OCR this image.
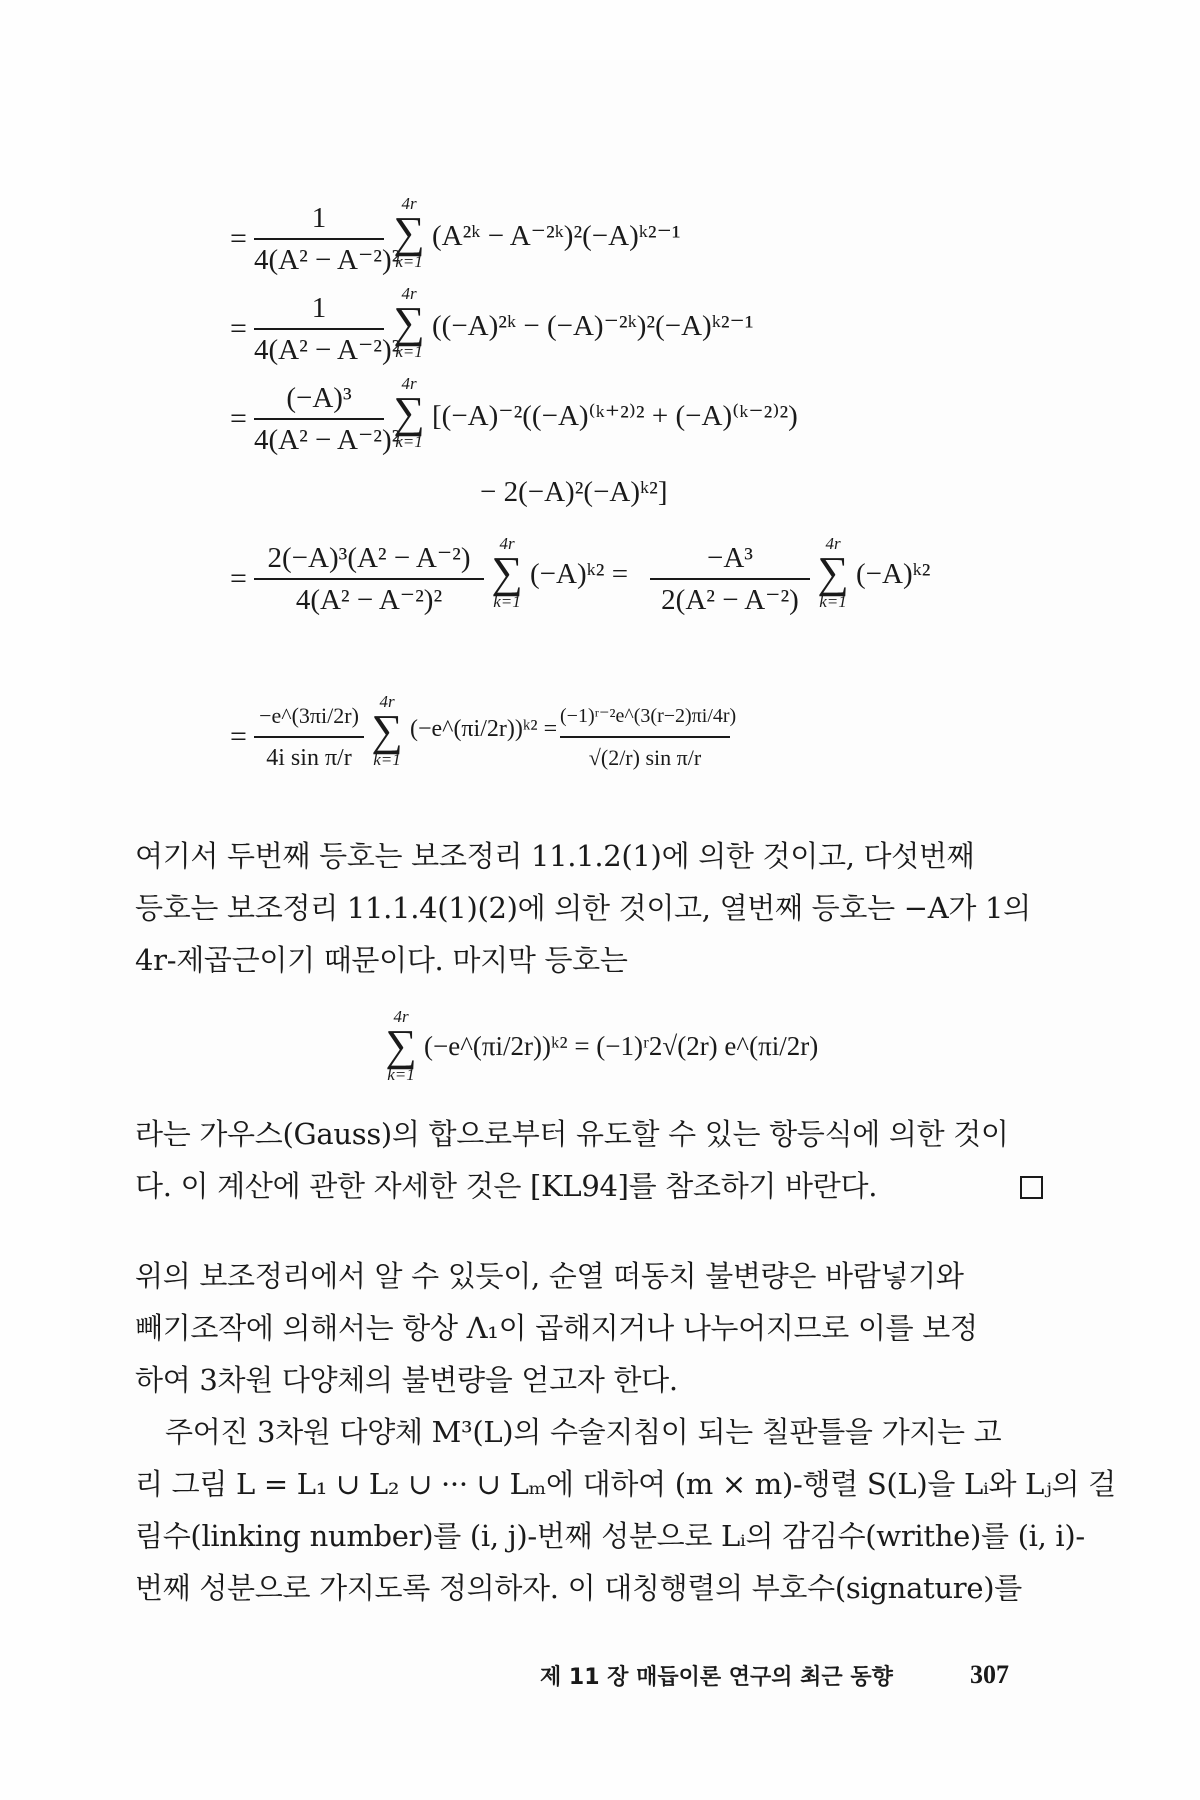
=
1
4(A² − A⁻²)²
4r
∑
k=1
(A²ᵏ − A⁻²ᵏ)²(−A)ᵏ²⁻¹
=
1
4(A² − A⁻²)²
4r
∑
k=1
((−A)²ᵏ − (−A)⁻²ᵏ)²(−A)ᵏ²⁻¹
=
(−A)³
4(A² − A⁻²)²
4r
∑
k=1
[(−A)⁻²((−A)⁽ᵏ⁺²⁾² + (−A)⁽ᵏ⁻²⁾²)
− 2(−A)²(−A)ᵏ²]
=
2(−A)³(A² − A⁻²)
4(A² − A⁻²)²
4r
∑
k=1
(−A)ᵏ² =	−A³
2(A² − A⁻²)
4r
∑
k=1
(−A)ᵏ²
=
−e^(3πi/2r)
4i sin π/r
4r
∑
k=1
(−e^(πi/2r))ᵏ² = (−1)ʳ⁻²e^(3(r−2)πi/4r)
√(2/r) sin π/r
여기서 두번째 등호는 보조정리 11.1.2(1)에 의한 것이고, 다섯번째
등호는 보조정리 11.1.4(1)(2)에 의한 것이고, 열번째 등호는 −A가 1의
4r-제곱근이기 때문이다. 마지막 등호는
4r
∑
k=1
(−e^(πi/2r))ᵏ² = (−1)ʳ2√(2r) e^(πi/2r)
라는 가우스(Gauss)의 합으로부터 유도할 수 있는 항등식에 의한 것이
다. 이 계산에 관한 자세한 것은 [KL94]를 참조하기 바란다.
위의 보조정리에서 알 수 있듯이, 순열 떠동치 불변량은 바람넣기와
빼기조작에 의해서는 항상 Λ₁이 곱해지거나 나누어지므로 이를 보정
하여 3차원 다양체의 불변량을 얻고자 한다.
주어진 3차원 다양체 M³(L)의 수술지침이 되는 칠판틀을 가지는 고
리 그림 L = L₁ ∪ L₂ ∪ ··· ∪ Lₘ에 대하여 (m × m)-행렬 S(L)을 Lᵢ와 Lⱼ의 걸
림수(linking number)를 (i, j)-번째 성분으로 Lᵢ의 감김수(writhe)를 (i, i)-
번째 성분으로 가지도록 정의하자. 이 대칭행렬의 부호수(signature)를
제 11 장 매듭이론 연구의 최근 동향	307
